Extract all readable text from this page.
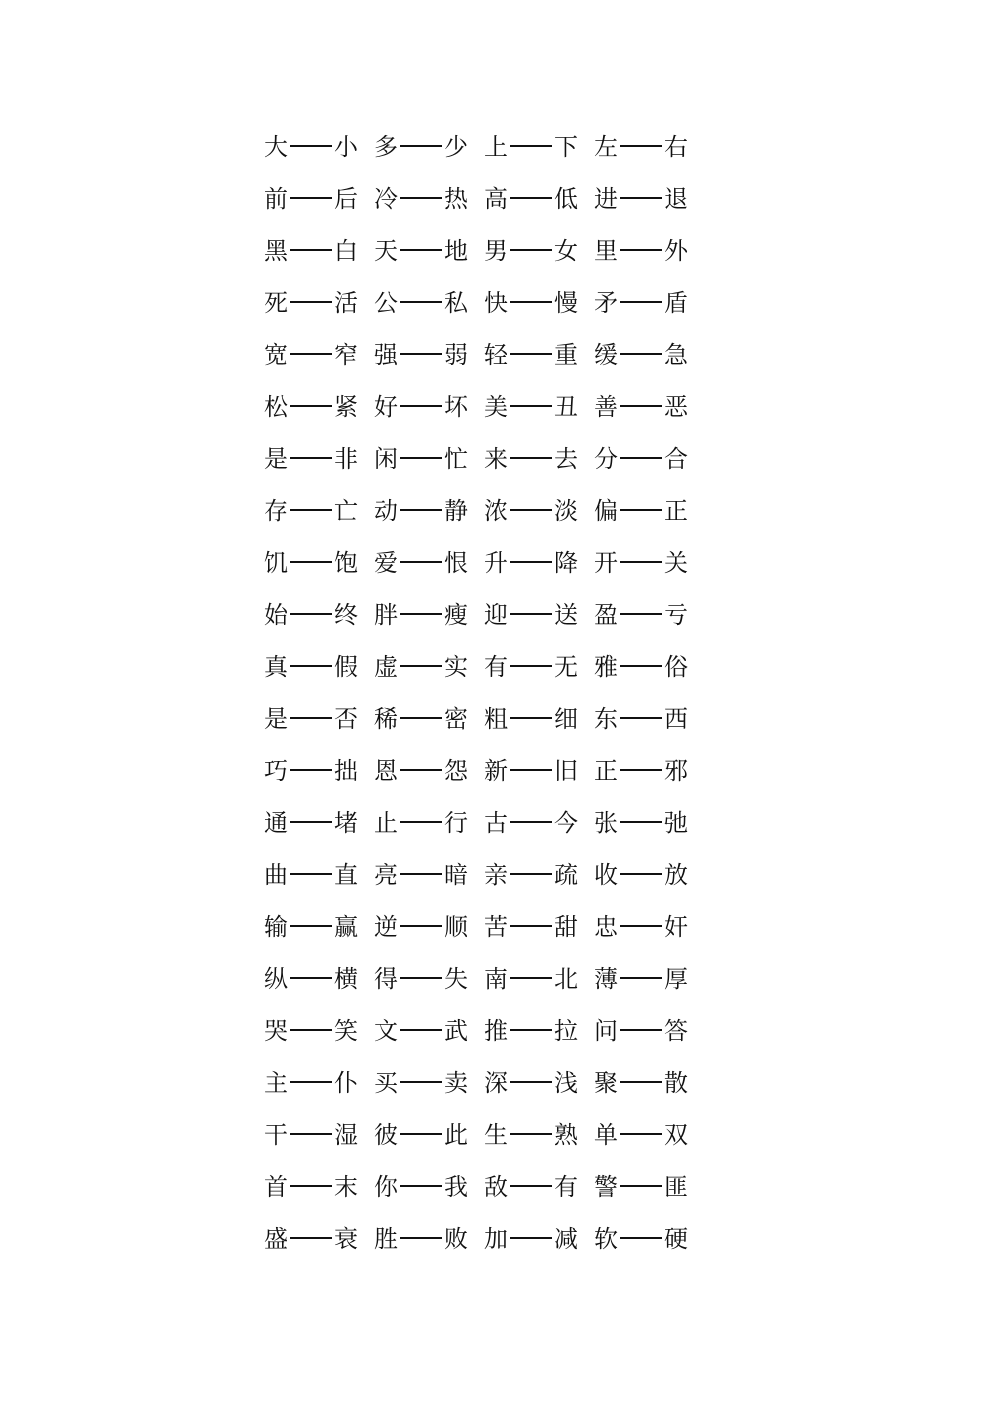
大 小	多 少	上 下	左 右

前 后	冷 热	高 低	进 退

黑 白	天 地	男 女	里 外

死 活	公 私	快 慢	矛 盾

宽 窄	强 弱	轻 重	缓 急

松 紧	好 坏	美 丑	善 恶

是 非	闲 忙	来 去	分 合

存 亡	动 静	浓 淡	偏 正

饥 饱	爱 恨	升 降	开 关

始 终	胖 瘦	迎 送	盈 亏

真 假	虚 实	有 无	雅 俗

是 否	稀 密	粗 细	东 西

巧 拙	恩 怨	新 旧	正 邪

通 堵	止 行	古 今	张 弛

曲 直	亮 暗	亲 疏	收 放

输 赢	逆 顺	苦 甜	忠 奸

纵 横	得 失	南 北	薄 厚

哭 笑	文 武	推 拉	问 答

主 仆	买 卖	深 浅	聚 散

干 湿	彼 此	生 熟	单 双

首 末	你 我	敌 有	警 匪

盛 衰	胜 败	加 减	软 硬
